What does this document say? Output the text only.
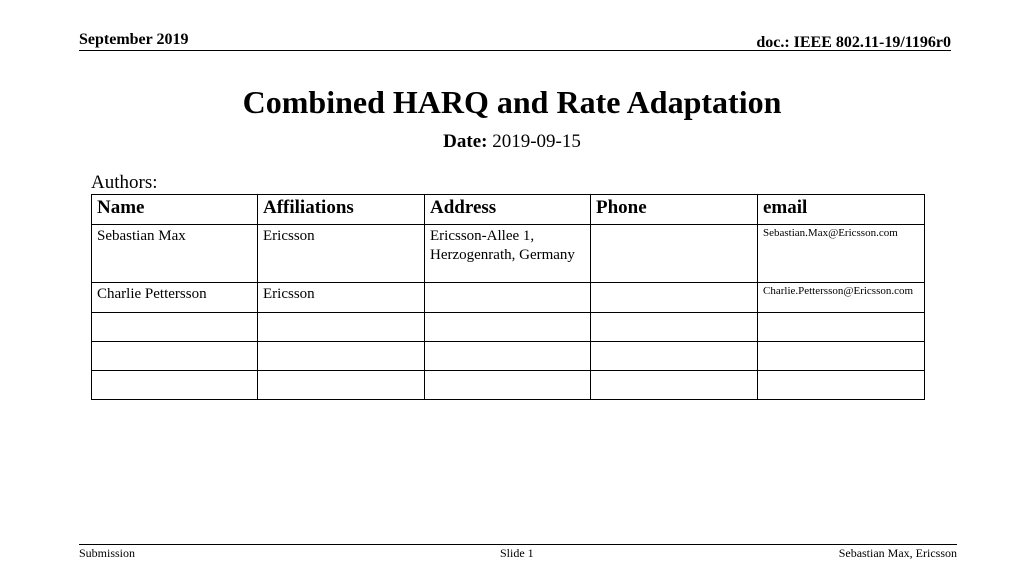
September 2019	doc.: IEEE 802.11-19/1196r0
Combined HARQ and Rate Adaptation
Date: 2019-09-15
Authors:
Name	Affiliations	Address	Phone	email
Sebastian Max	Ericsson	Ericsson-Allee 1, Herzogenrath, Germany		Sebastian.Max@Ericsson.com
Charlie Pettersson	Ericsson			Charlie.Pettersson@Ericsson.com

Submission	Slide 1	Sebastian Max, Ericsson
